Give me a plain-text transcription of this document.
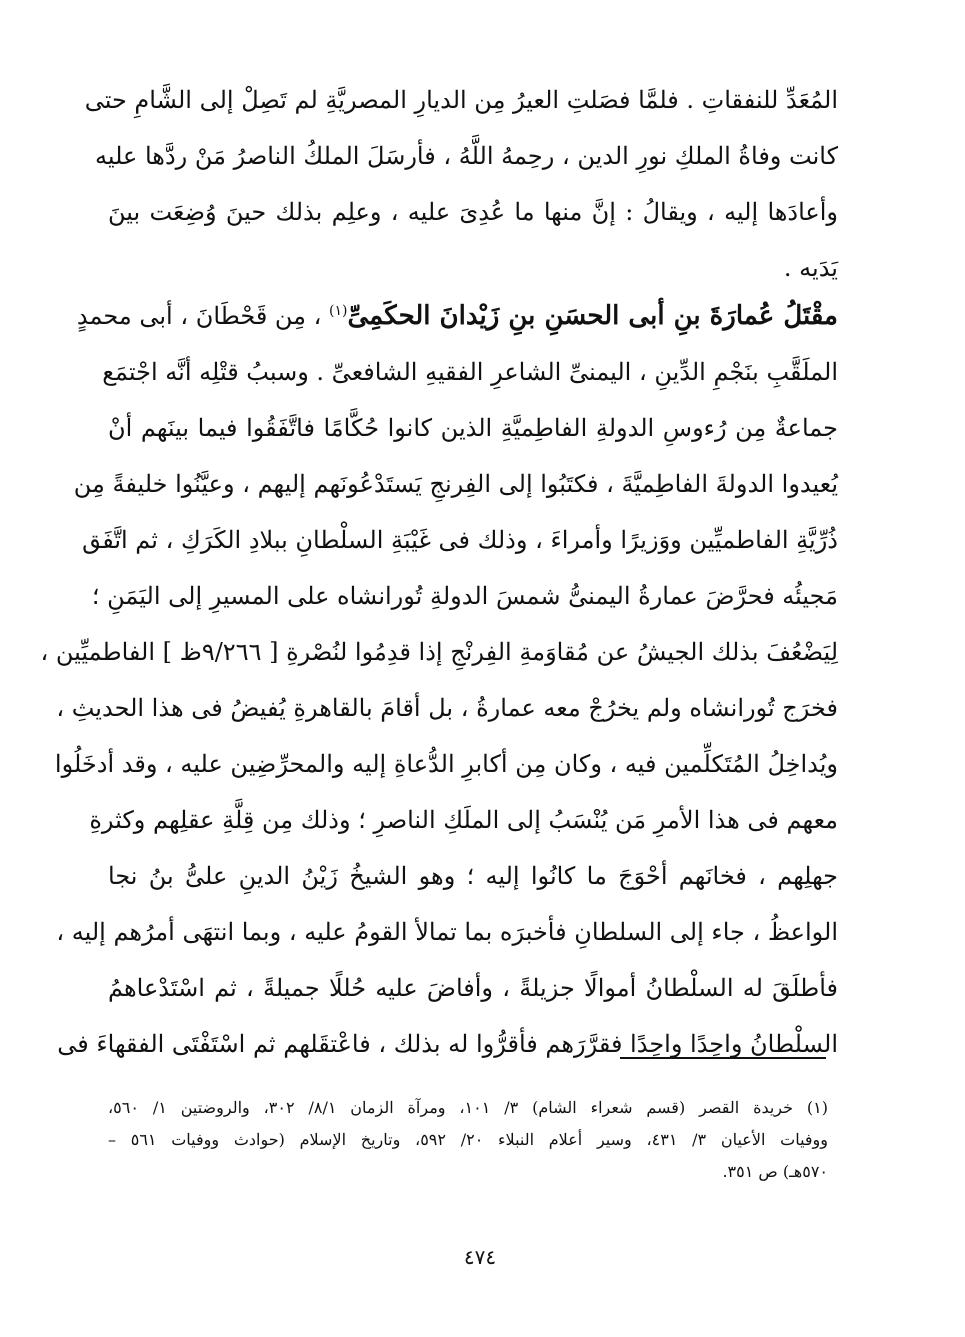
المُعَدِّ للنفقاتِ . فلمَّا فصَلتِ العيرُ مِن الديارِ المصريَّةِ لم تَصِلْ إلى الشَّامِ حتى
كانت وفاةُ الملكِ نورِ الدين ، رحِمهُ اللَّهُ ، فأرسَلَ الملكُ الناصرُ مَنْ ردَّها عليه
وأعادَها إليه ، ويقالُ : إنَّ منها ما عُدِىَ عليه ، وعلِم بذلك حينَ وُضِعَت بينَ
يَدَيه .
مقْتَلُ عُمارَةَ بنِ أبى الحسَنِ بنِ زَيْدانَ الحكَمِىِّ$^{(١)}$ ، مِن قَحْطَانَ ، أبى محمدٍ
الملَقَّبِ بنَجْمِ الدِّينِ ، اليمنىِّ الشاعرِ الفقيهِ الشافعىِّ . وسببُ قتْلِه أنَّه اجْتمَع
جماعةٌ مِن رُءوسِ الدولةِ الفاطِميَّةِ الذين كانوا حُكَّامًا فاتَّفَقُوا فيما بينَهم أنْ
يُعيدوا الدولةَ الفاطِميَّةَ ، فكتَبُوا إلى الفِرنجِ يَستَدْعُونَهم إليهم ، وعيَّنُوا خليفةً مِن
ذُرِّيَّةِ الفاطميِّين ووَزيرًا وأمراءَ ، وذلك فى غَيْبَةِ السلْطانِ ببلادِ الكَرَكِ ، ثم اتَّفَق
مَجيئُه فحرَّضَ عمارةُ اليمنىُّ شمسَ الدولةِ تُورانشاه على المسيرِ إلى اليَمَنِ ؛
لِيَضْعُفَ بذلك الجيشُ عن مُقاوَمةِ الفِرنْجِ إذا قدِمُوا لنُصْرةِ [ ٩/٢٦٦ظ ] الفاطميِّين ،
فخرَج تُورانشاه ولم يخرُجْ معه عمارةُ ، بل أقامَ بالقاهرةِ يُفيضُ فى هذا الحديثِ ،
ويُداخِلُ المُتَكلِّمين فيه ، وكان مِن أكابرِ الدُّعاةِ إليه والمحرِّضِين عليه ، وقد أدخَلُوا
معهم فى هذا الأمرِ مَن يُنْسَبُ إلى الملَكِ الناصرِ ؛ وذلك مِن قِلَّةِ عقلِهم وكثرةِ
جهلِهم ، فخانَهم أحْوَجَ ما كانُوا إليه ؛ وهو الشيخُ زَيْنُ الدينِ علىُّ بنُ نجا
الواعظُ ، جاء إلى السلطانِ فأخبرَه بما تمالأ القومُ عليه ، وبما انتهَى أمرُهم إليه ،
فأطلَقَ له السلْطانُ أموالًا جزيلةً ، وأفاضَ عليه حُللًا جميلةً ، ثم اسْتَدْعاهمُ
السلْطانُ واحِدًا واحِدًا فقرَّرَهم فأقرُّوا له بذلك ، فاعْتقَلهم ثم اسْتَفْتَى الفقهاءَ فى
(١) خريدة القصر (قسم شعراء الشام) ٣/ ١٠١، ومرآة الزمان ٨/١/ ٣٠٢، والروضتين ١/ ٥٦٠،
ووفيات الأعيان ٣/ ٤٣١، وسير أعلام النبلاء ٢٠/ ٥٩٢، وتاريخ الإسلام (حوادث ووفيات ٥٦١ –
٥٧٠هـ) ص ٣٥١.
٤٧٤
